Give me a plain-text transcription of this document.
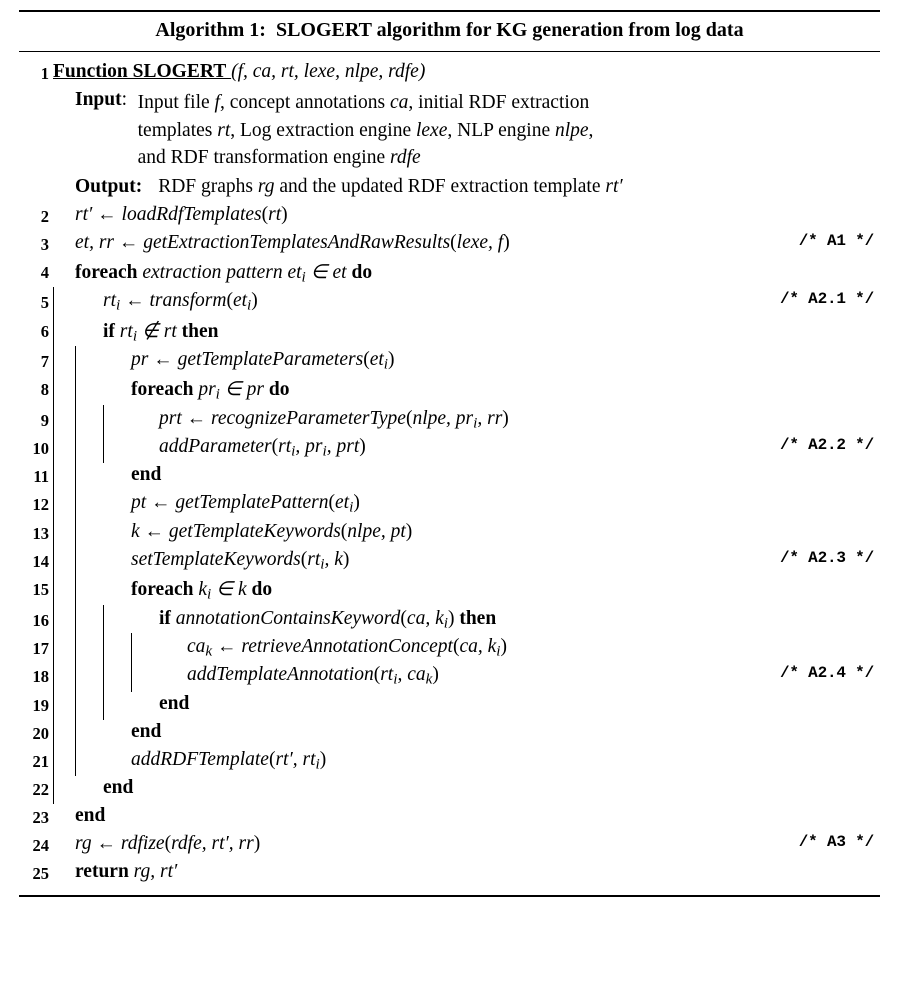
Algorithm 1: SLOGERT algorithm for KG generation from log data
1 Function SLOGERT (f, ca, rt, lexe, nlpe, rdfe)
Input : Input file f, concept annotations ca, initial RDF extraction
templates rt, Log extraction engine lexe, NLP engine nlpe,
and RDF transformation engine rdfe
Output:
RDF graphs rg and the updated RDF extraction template rt′
2 rt′ ← loadRdfTemplates(rt)
3 et, rr ← getExtractionTemplatesAndRawResults(lexe, f)	/* A1 */
4 foreach extraction pattern eti ∈ et do
5	rti ← transform(eti)	/* A2.1 */
6	if rti ∉ rt then
7	pr ← getTemplateParameters(eti)
8	foreach pri ∈ pr do
9	prt ← recognizeParameterType(nlpe, pri, rr)
10	addParameter(rti, pri, prt)	/* A2.2 */
11	end
12	pt ← getTemplatePattern(eti)
13	k ← getTemplateKeywords(nlpe, pt)
14	setTemplateKeywords(rti, k)	/* A2.3 */
15	foreach ki ∈ k do
16	if annotationContainsKeyword(ca, ki) then
17	cak ← retrieveAnnotationConcept(ca, ki)
18	addTemplateAnnotation(rti, cak)	/* A2.4 */
19	end
20	end
21	addRDFTemplate(rt′, rti)
22	end
23 end
24 rg ← rdfize(rdfe, rt′, rr)	/* A3 */
25 return rg, rt′
